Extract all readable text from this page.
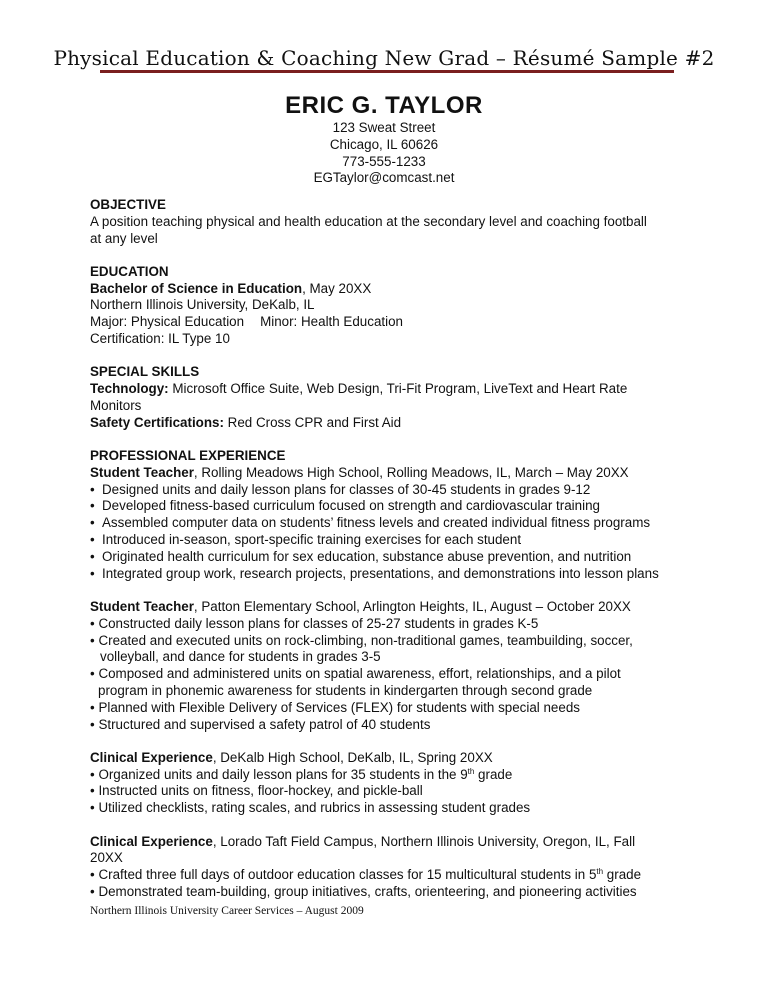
Physical Education & Coaching New Grad – Résumé Sample #2
ERIC G. TAYLOR
123 Sweat Street
Chicago, IL 60626
773-555-1233
EGTaylor@comcast.net
OBJECTIVE
A position teaching physical and health education at the secondary level and coaching football
at any level
EDUCATION
Bachelor of Science in Education, May 20XX
Northern Illinois University, DeKalb, IL
Major: Physical Education Minor: Health Education
Certification: IL Type 10
SPECIAL SKILLS
Technology: Microsoft Office Suite, Web Design, Tri-Fit Program, LiveText and Heart Rate
Monitors
Safety Certifications: Red Cross CPR and First Aid
PROFESSIONAL EXPERIENCE
Student Teacher, Rolling Meadows High School, Rolling Meadows, IL, March – May 20XX
• Designed units and daily lesson plans for classes of 30-45 students in grades 9-12
• Developed fitness-based curriculum focused on strength and cardiovascular training
• Assembled computer data on students’ fitness levels and created individual fitness programs
• Introduced in-season, sport-specific training exercises for each student
• Originated health curriculum for sex education, substance abuse prevention, and nutrition
• Integrated group work, research projects, presentations, and demonstrations into lesson plans
Student Teacher, Patton Elementary School, Arlington Heights, IL, August – October 20XX
• Constructed daily lesson plans for classes of 25-27 students in grades K-5
• Created and executed units on rock-climbing, non-traditional games, teambuilding, soccer,
volleyball, and dance for students in grades 3-5
• Composed and administered units on spatial awareness, effort, relationships, and a pilot
program in phonemic awareness for students in kindergarten through second grade
• Planned with Flexible Delivery of Services (FLEX) for students with special needs
• Structured and supervised a safety patrol of 40 students
Clinical Experience, DeKalb High School, DeKalb, IL, Spring 20XX
• Organized units and daily lesson plans for 35 students in the 9th grade
• Instructed units on fitness, floor-hockey, and pickle-ball
• Utilized checklists, rating scales, and rubrics in assessing student grades
Clinical Experience, Lorado Taft Field Campus, Northern Illinois University, Oregon, IL, Fall
20XX
• Crafted three full days of outdoor education classes for 15 multicultural students in 5th grade
• Demonstrated team-building, group initiatives, crafts, orienteering, and pioneering activities
Northern Illinois University Career Services – August 2009
